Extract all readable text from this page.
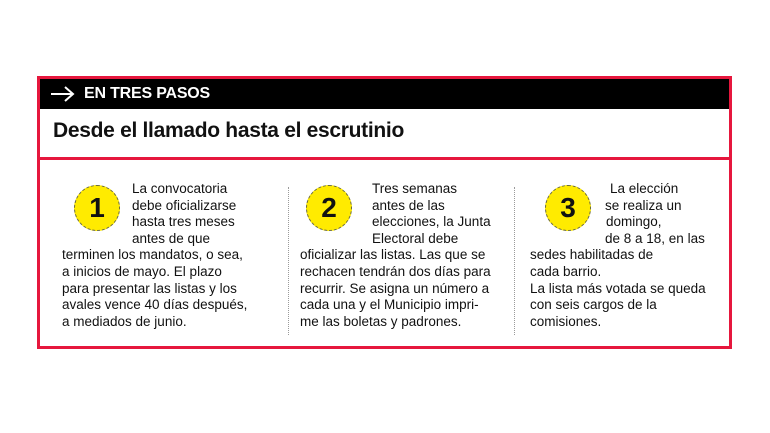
EN TRES PASOS
Desde el llamado hasta el escrutinio
1

La convocatoria

debe oficializarse

hasta tres meses

antes de que

terminen los mandatos, o sea,

a inicios de mayo. El plazo

para presentar las listas y los

avales vence 40 días después,

a mediados de junio.

2

Tres semanas

antes de las

elecciones, la Junta

Electoral debe

oficializar las listas. Las que se

rechacen tendrán dos días para

recurrir. Se asigna un número a

cada una y el Municipio impri-

me las boletas y padrones.

3

La elección

se realiza un

domingo,

de 8 a 18, en las

sedes habilitadas de

cada barrio.

La lista más votada se queda

con seis cargos de la

comisiones.
